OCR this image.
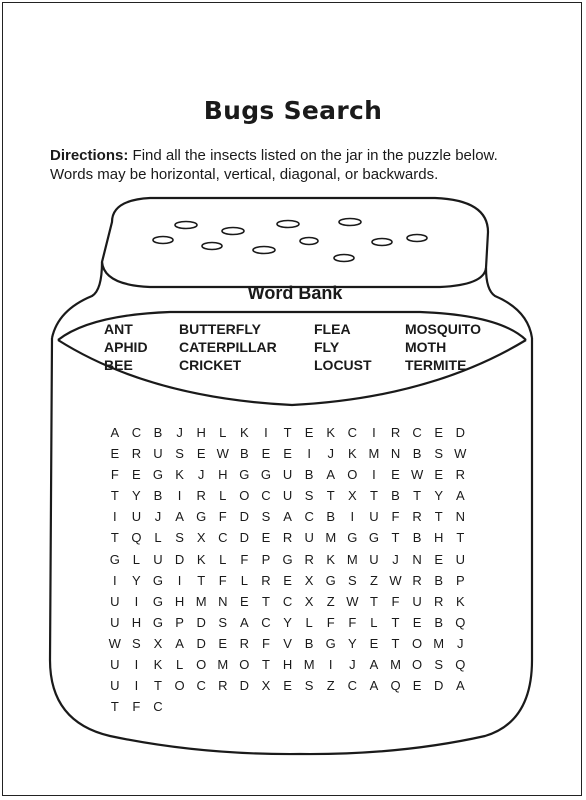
Bugs Search
Directions: Find all the insects listed on the jar in the puzzle below. Words may be horizontal, vertical, diagonal, or backwards.
Word Bank
ANT
APHID
BEE
BUTTERFLY
CATERPILLAR
CRICKET
FLEA
FLY
LOCUST
MOSQUITO
MOTH
TERMITE
A C B	J	H	L	K	I	T	E K C	I	R C E D
E R U S E W B E E	I	J	K M N B S W
F	E G K	J	H G G U B A O	I	E W E R
T	Y B	I	R	L O C U S	T	X	T	B	T	Y A
I	U	J	A G F D S A C B	I	U F R T N
T Q L	S X C D E R U M G G T	B H T
G L	U D K	L	F	P G R K M U	J	N E U
I	Y G	I	T	F	L	R E X G S	Z W R B P
U	I	G H M N E	T C X	Z W T	F U R K
U H G P D S A C Y	L	F	F	L	T	E B Q
W S X A D E R F	V B G Y E	T O M J
U	I	K	L O M O T H M	I	J	A M O S Q
U	I	T O C R D X E S	Z C A Q E D A
T	F C
